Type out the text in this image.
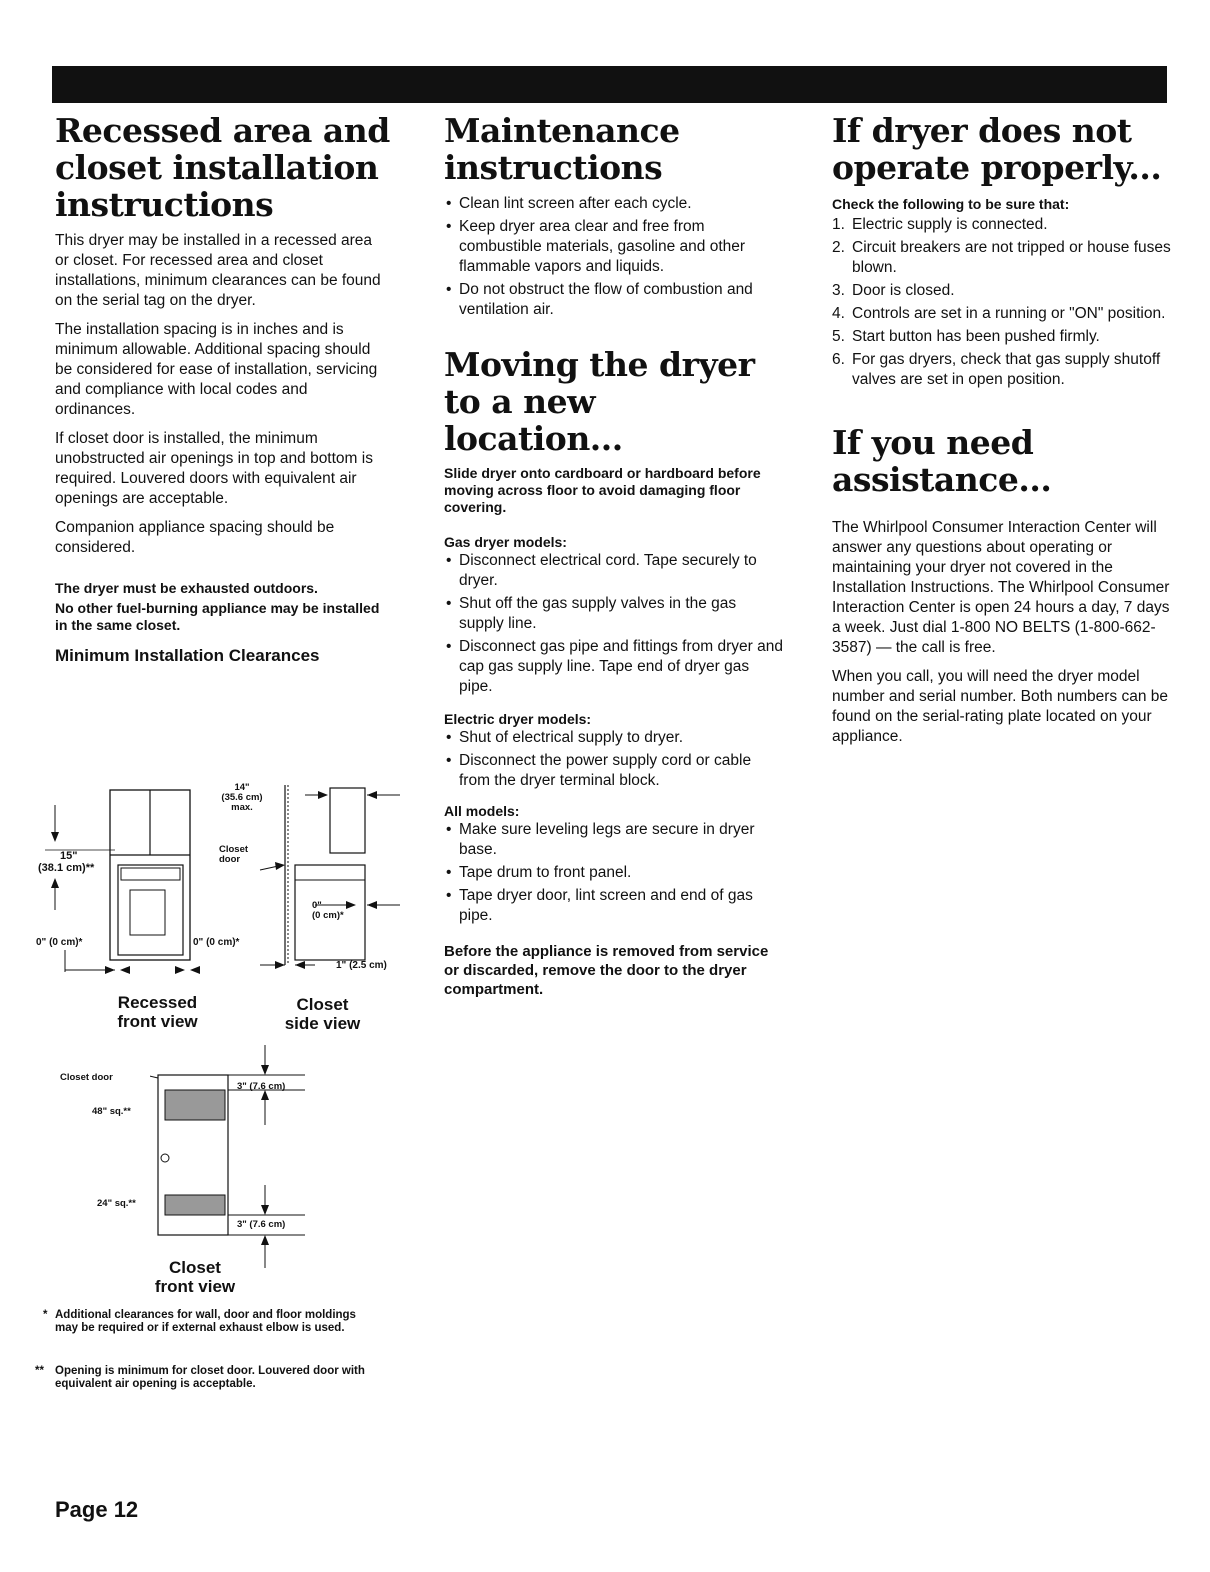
Recessed area and
closet installation
instructions

This dryer may be installed in a recessed area or closet. For recessed area and closet installations, minimum clearances can be found on the serial tag on the dryer.

The installation spacing is in inches and is minimum allowable. Additional spacing should be considered for ease of installation, servicing and compliance with local codes and ordinances.

If closet door is installed, the minimum unobstructed air openings in top and bottom is required. Louvered doors with equivalent air openings are acceptable.

Companion appliance spacing should be considered.

The dryer must be exhausted outdoors.

No other fuel-burning appliance may be installed in the same closet.

Minimum Installation Clearances

15"
(38.1 cm)**
0" (0 cm)*	0" (0 cm)*
Recessed
front view
14"
(35.6 cm)
max.
Closet
door
0"
(0 cm)*
1" (2.5 cm)
Closet
side view
Closet door
48" sq.**
24" sq.**
3" (7.6 cm)
3" (7.6 cm)
Closet
front view
* Additional clearances for wall, door and floor moldings may be required or if external exhaust elbow is used.
** Opening is minimum for closet door. Louvered door with equivalent air opening is acceptable.
Maintenance
instructions
• Clean lint screen after each cycle.
• Keep dryer area clear and free from combustible materials, gasoline and other flammable vapors and liquids.
• Do not obstruct the flow of combustion and ventilation air.
Moving the dryer
to a new location...

Slide dryer onto cardboard or hardboard before moving across floor to avoid damaging floor covering.

Gas dryer models:

• Disconnect electrical cord. Tape securely to dryer.
• Shut off the gas supply valves in the gas supply line.
• Disconnect gas pipe and fittings from dryer and cap gas supply line. Tape end of dryer gas pipe.

Electric dryer models:

• Shut of electrical supply to dryer.
• Disconnect the power supply cord or cable from the dryer terminal block.

All models:

• Make sure leveling legs are secure in dryer base.
• Tape drum to front panel.
• Tape dryer door, lint screen and end of gas pipe.

Before the appliance is removed from service or discarded, remove the door to the dryer compartment.

If dryer does not
operate properly...

Check the following to be sure that:

1. Electric supply is connected.
2. Circuit breakers are not tripped or house fuses blown.
3. Door is closed.
4. Controls are set in a running or "ON" position.
5. Start button has been pushed firmly.
6. For gas dryers, check that gas supply shutoff valves are set in open position.
If you need
assistance...

The Whirlpool Consumer Interaction Center will answer any questions about operating or maintaining your dryer not covered in the Installation Instructions. The Whirlpool Consumer Interaction Center is open 24 hours a day, 7 days a week. Just dial 1-800 NO BELTS (1-800-662-3587) — the call is free.

When you call, you will need the dryer model number and serial number. Both numbers can be found on the serial-rating plate located on your appliance.

Page 12
